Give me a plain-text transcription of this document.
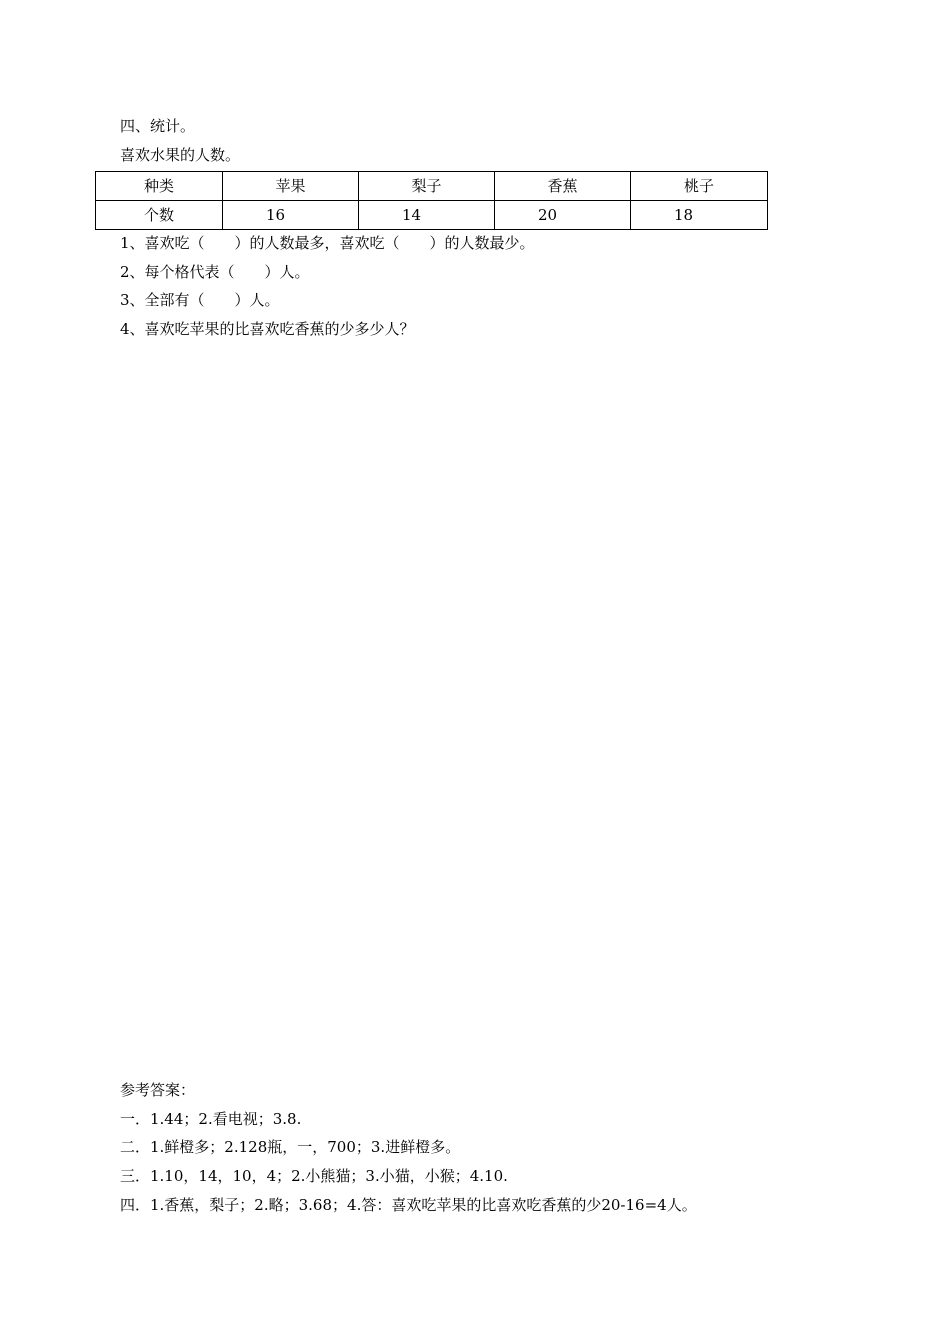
四、统计。
喜欢水果的人数。
种类	苹果	梨子	香蕉	桃子
个数	16	14	20	18
1、喜欢吃（　　）的人数最多，喜欢吃（　　）的人数最少。
2、每个格代表（　　）人。
3、全部有（　　）人。
4、喜欢吃苹果的比喜欢吃香蕉的少多少人？
参考答案：
一．1.44；2.看电视；3.8.
二．1.鲜橙多；2.128瓶，一，700；3.进鲜橙多。
三．1.10，14，10，4；2.小熊猫；3.小猫，小猴；4.10.
四．1.香蕉，梨子；2.略；3.68；4.答：喜欢吃苹果的比喜欢吃香蕉的少20-16=4人。
